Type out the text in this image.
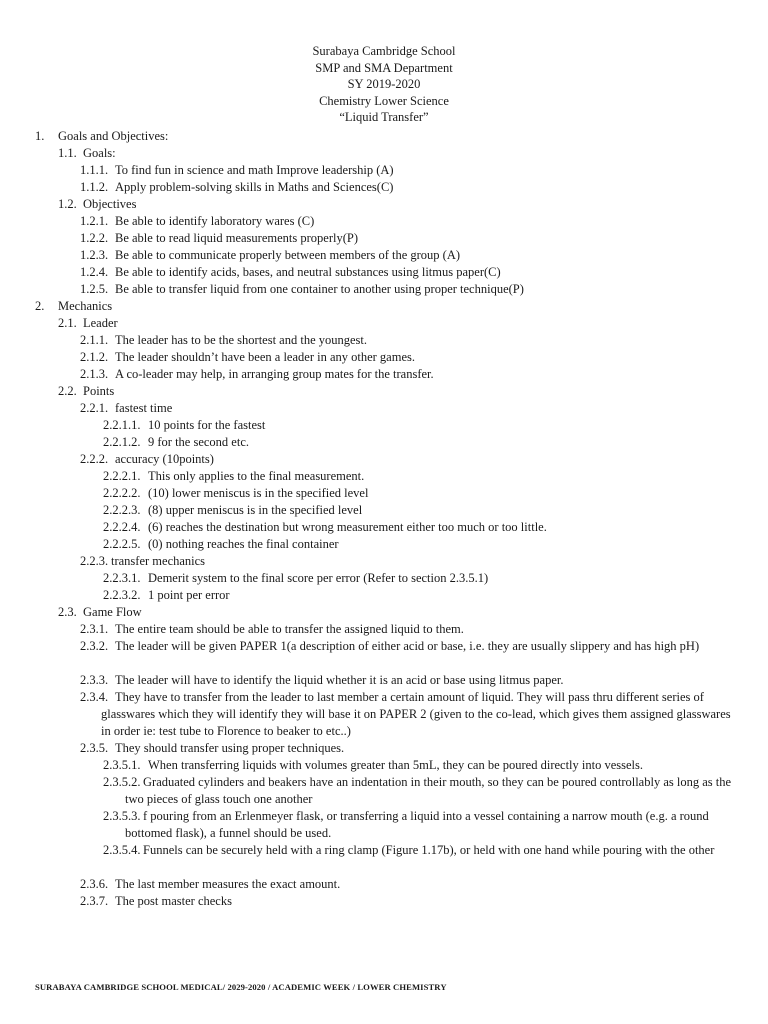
Surabaya Cambridge School
SMP and SMA Department
SY 2019-2020
Chemistry Lower Science
“Liquid Transfer”
1. Goals and Objectives:
1.1. Goals:
1.1.1. To find fun in science and math Improve leadership (A)
1.1.2. Apply problem-solving skills in Maths and Sciences(C)
1.2. Objectives
1.2.1. Be able to identify laboratory wares (C)
1.2.2. Be able to read liquid measurements properly(P)
1.2.3. Be able to communicate properly between members of the group (A)
1.2.4. Be able to identify acids, bases, and neutral substances using litmus paper(C)
1.2.5. Be able to transfer liquid from one container to another using proper technique(P)
2. Mechanics
2.1. Leader
2.1.1. The leader has to be the shortest and the youngest.
2.1.2. The leader shouldn’t have been a leader in any other games.
2.1.3. A co-leader may help, in arranging group mates for the transfer.
2.2. Points
2.2.1. fastest time
2.2.1.1. 10 points for the fastest
2.2.1.2. 9 for the second etc.
2.2.2. accuracy (10points)
2.2.2.1. This only applies to the final measurement.
2.2.2.2. (10) lower meniscus is in the specified level
2.2.2.3. (8) upper meniscus is in the specified level
2.2.2.4. (6) reaches the destination but wrong measurement either too much or too little.
2.2.2.5. (0) nothing reaches the final container
2.2.3. transfer mechanics
2.2.3.1. Demerit system to the final score per error (Refer to section 2.3.5.1)
2.2.3.2. 1 point per error
2.3. Game Flow
2.3.1. The entire team should be able to transfer the assigned liquid to them.
2.3.2. The leader will be given PAPER 1(a description of either acid or base, i.e. they are usually slippery and has high pH)
2.3.3. The leader will have to identify the liquid whether it is an acid or base using litmus paper.
2.3.4. They have to transfer from the leader to last member a certain amount of liquid. They will pass thru different series of glasswares which they will identify they will base it on PAPER 2 (given to the co-lead, which gives them assigned glasswares in order ie: test tube to Florence to beaker to etc..)
2.3.5. They should transfer using proper techniques.
2.3.5.1. When transferring liquids with volumes greater than 5mL, they can be poured directly into vessels.
2.3.5.2. Graduated cylinders and beakers have an indentation in their mouth, so they can be poured controllably as long as the two pieces of glass touch one another
2.3.5.3. f pouring from an Erlenmeyer flask, or transferring a liquid into a vessel containing a narrow mouth (e.g. a round bottomed flask), a funnel should be used.
2.3.5.4. Funnels can be securely held with a ring clamp (Figure 1.17b), or held with one hand while pouring with the other
2.3.6. The last member measures the exact amount.
2.3.7. The post master checks
SURABAYA CAMBRIDGE SCHOOL MEDICAL/ 2029-2020 / ACADEMIC WEEK / LOWER CHEMISTRY
